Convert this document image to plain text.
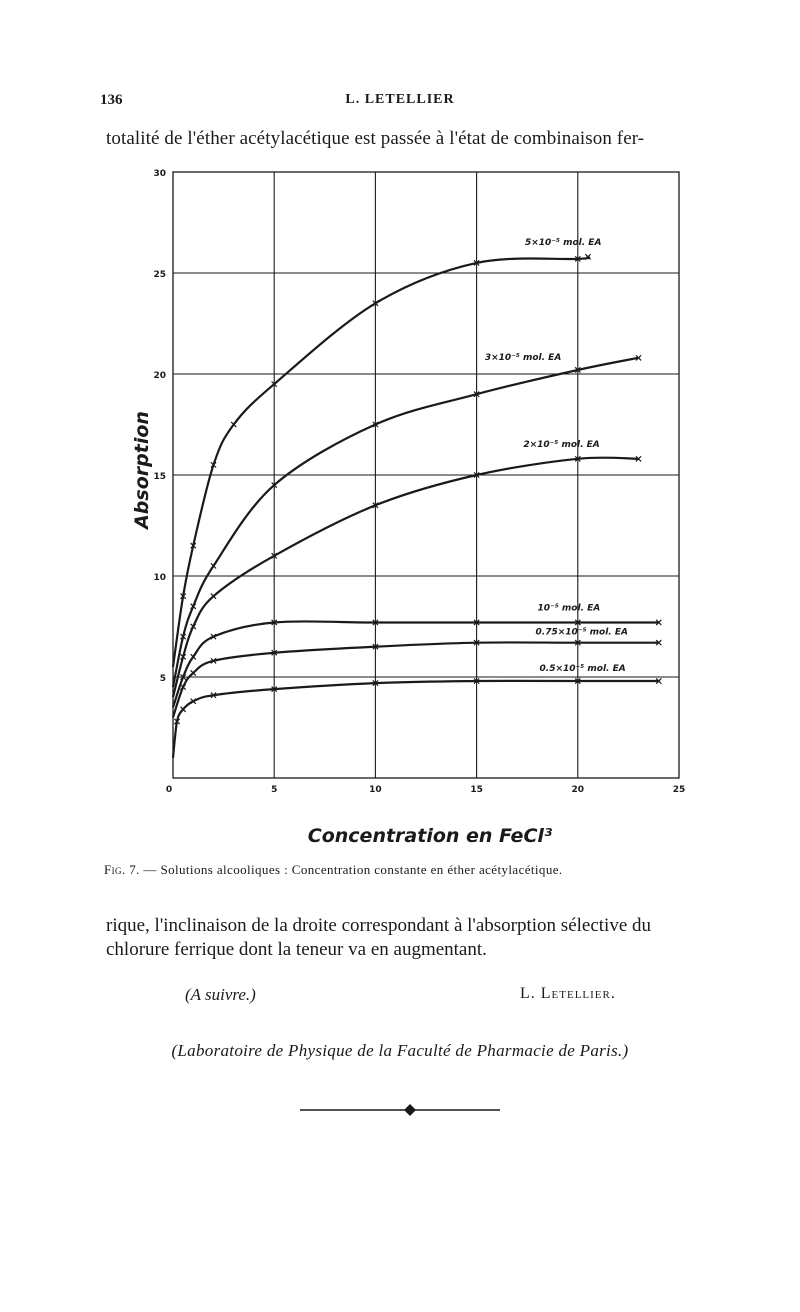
136	L. LETELLIER
totalité de l'éther acétylacétique est passée à l'état de combinaison fer-
0	5	10	15	20	25
5
10
15
20
25
30
5×10⁻⁵ mol. EA
3×10⁻⁵ mol. EA
2×10⁻⁵ mol. EA
10⁻⁵ mol. EA
0.75×10⁻⁵ mol. EA
0.5×10⁻⁵ mol. EA
Concentration en FeCl³
Absorption
Fig. 7. — Solutions alcooliques : Concentration constante en éther acétylacétique.
rique, l'inclinaison de la droite correspondant à l'absorption sélective du chlorure ferrique dont la teneur va en augmentant.
(A suivre.)	L. Letellier.
(Laboratoire de Physique de la Faculté de Pharmacie de Paris.)
